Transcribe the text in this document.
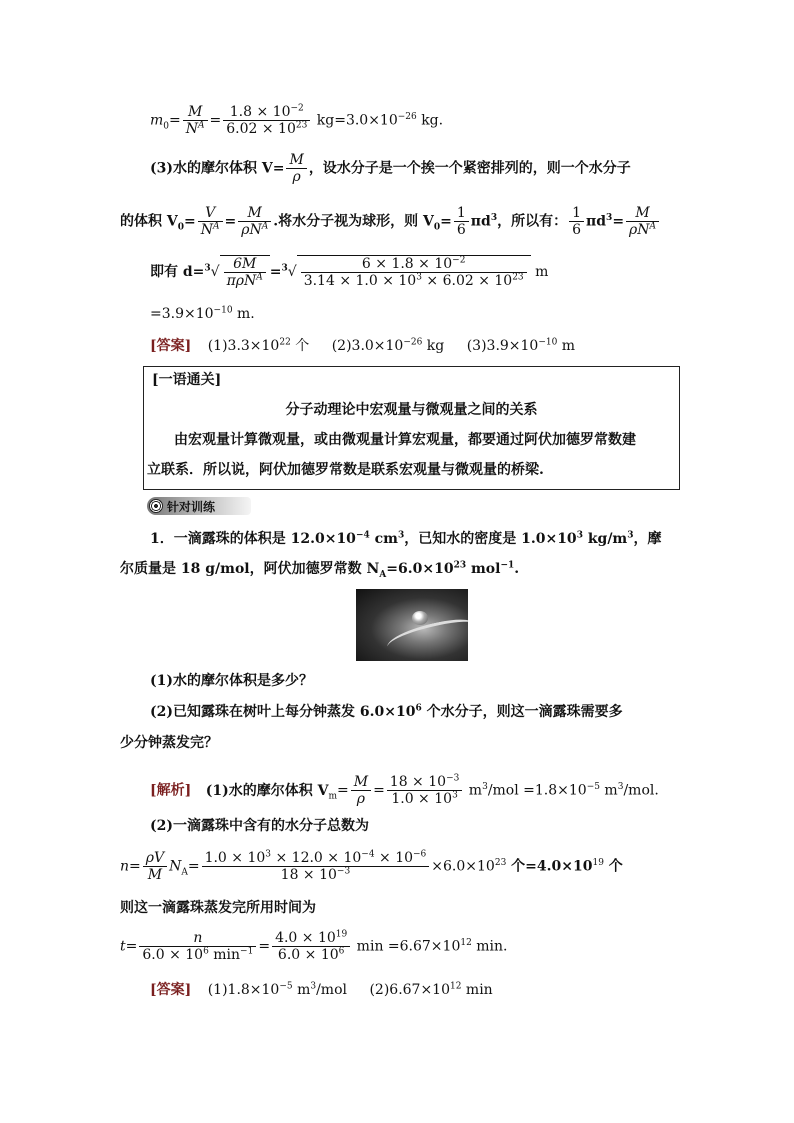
$m_0= \frac{M}{N^A} = \frac{1.8 \times 10^{-2}}{6.02 \times 10^{23}} kg=3.0\times 10^{-26}$ kg.
(3)水的摩尔体积 $V= \frac{M}{\rho}$ ，设水分子是一个挨一个紧密排列的，则一个水分子
的体积 $V_0= \frac{V}{N^A} = \frac{M}{\rho N^A}$ .将水分子视为球形，则 $V_0= \frac{1}{6} \pi d^3$，所以有： $\frac{1}{6} \pi d^3= \frac{M}{\rho N^A}$
即有 $d=^3√ \frac{6M}{\pi\rho N^A} =^3√ \frac{6 \times 1.8 \times 10^{-2}}{3.14 \times 1.0 \times 10^3 \times 6.02 \times 10^{23}}$ m
$=3.9\times 10^{-10}$ m.
[答案] $(1)3.3\times 10^{22}$ 个 $(2)3.0\times 10^{-26}$ kg $(3)3.9\times 10^{-10}$ m
[一语通关]
分子动理论中宏观量与微观量之间的关系
由宏观量计算微观量，或由微观量计算宏观量，都要通过阿伏加德罗常数建
立联系．所以说，阿伏加德罗常数是联系宏观量与微观量的桥梁.
针对训练
1．一滴露珠的体积是 $12.0\times 10^{-4}$ $cm^3$，已知水的密度是 $1.0\times 10^3$ $kg/m^3$，摩
尔质量是 18 g/mol，阿伏加德罗常数 $N_A=6.0\times 10^{23}$ mol$^{-1}$.
(1)水的摩尔体积是多少？
(2)已知露珠在树叶上每分钟蒸发 $6.0\times 10^6$ 个水分子，则这一滴露珠需要多
少分钟蒸发完？
[解析] (1)水的摩尔体积 $V_m= \frac{M}{\rho} = \frac{18 \times 10^{-3}}{1.0 \times 10^3} m^3/mol =1.8\times 10^{-5}$ $m^3$/mol.
(2)一滴露珠中含有的水分子总数为
$n= \frac{\rho V}{M} N_A= \frac{1.0 \times 10^3 \times 12.0 \times 10^{-4} \times 10^{-6}}{18 \times 10^{-3}} \times 6.0\times 10^{23}$ 个$=4.0\times 10^{19}$ 个
则这一滴露珠蒸发完所用时间为
$t= \frac{n}{6.0 \times 10^6 \min^{-1}} = \frac{4.0 \times 10^{19}}{6.0 \times 10^6}$ $\min =6.67\times 10^{12}$ min.
[答案] $(1)1.8\times 10^{-5}$ $m^3$/mol $(2)6.67\times 10^{12}$ min
